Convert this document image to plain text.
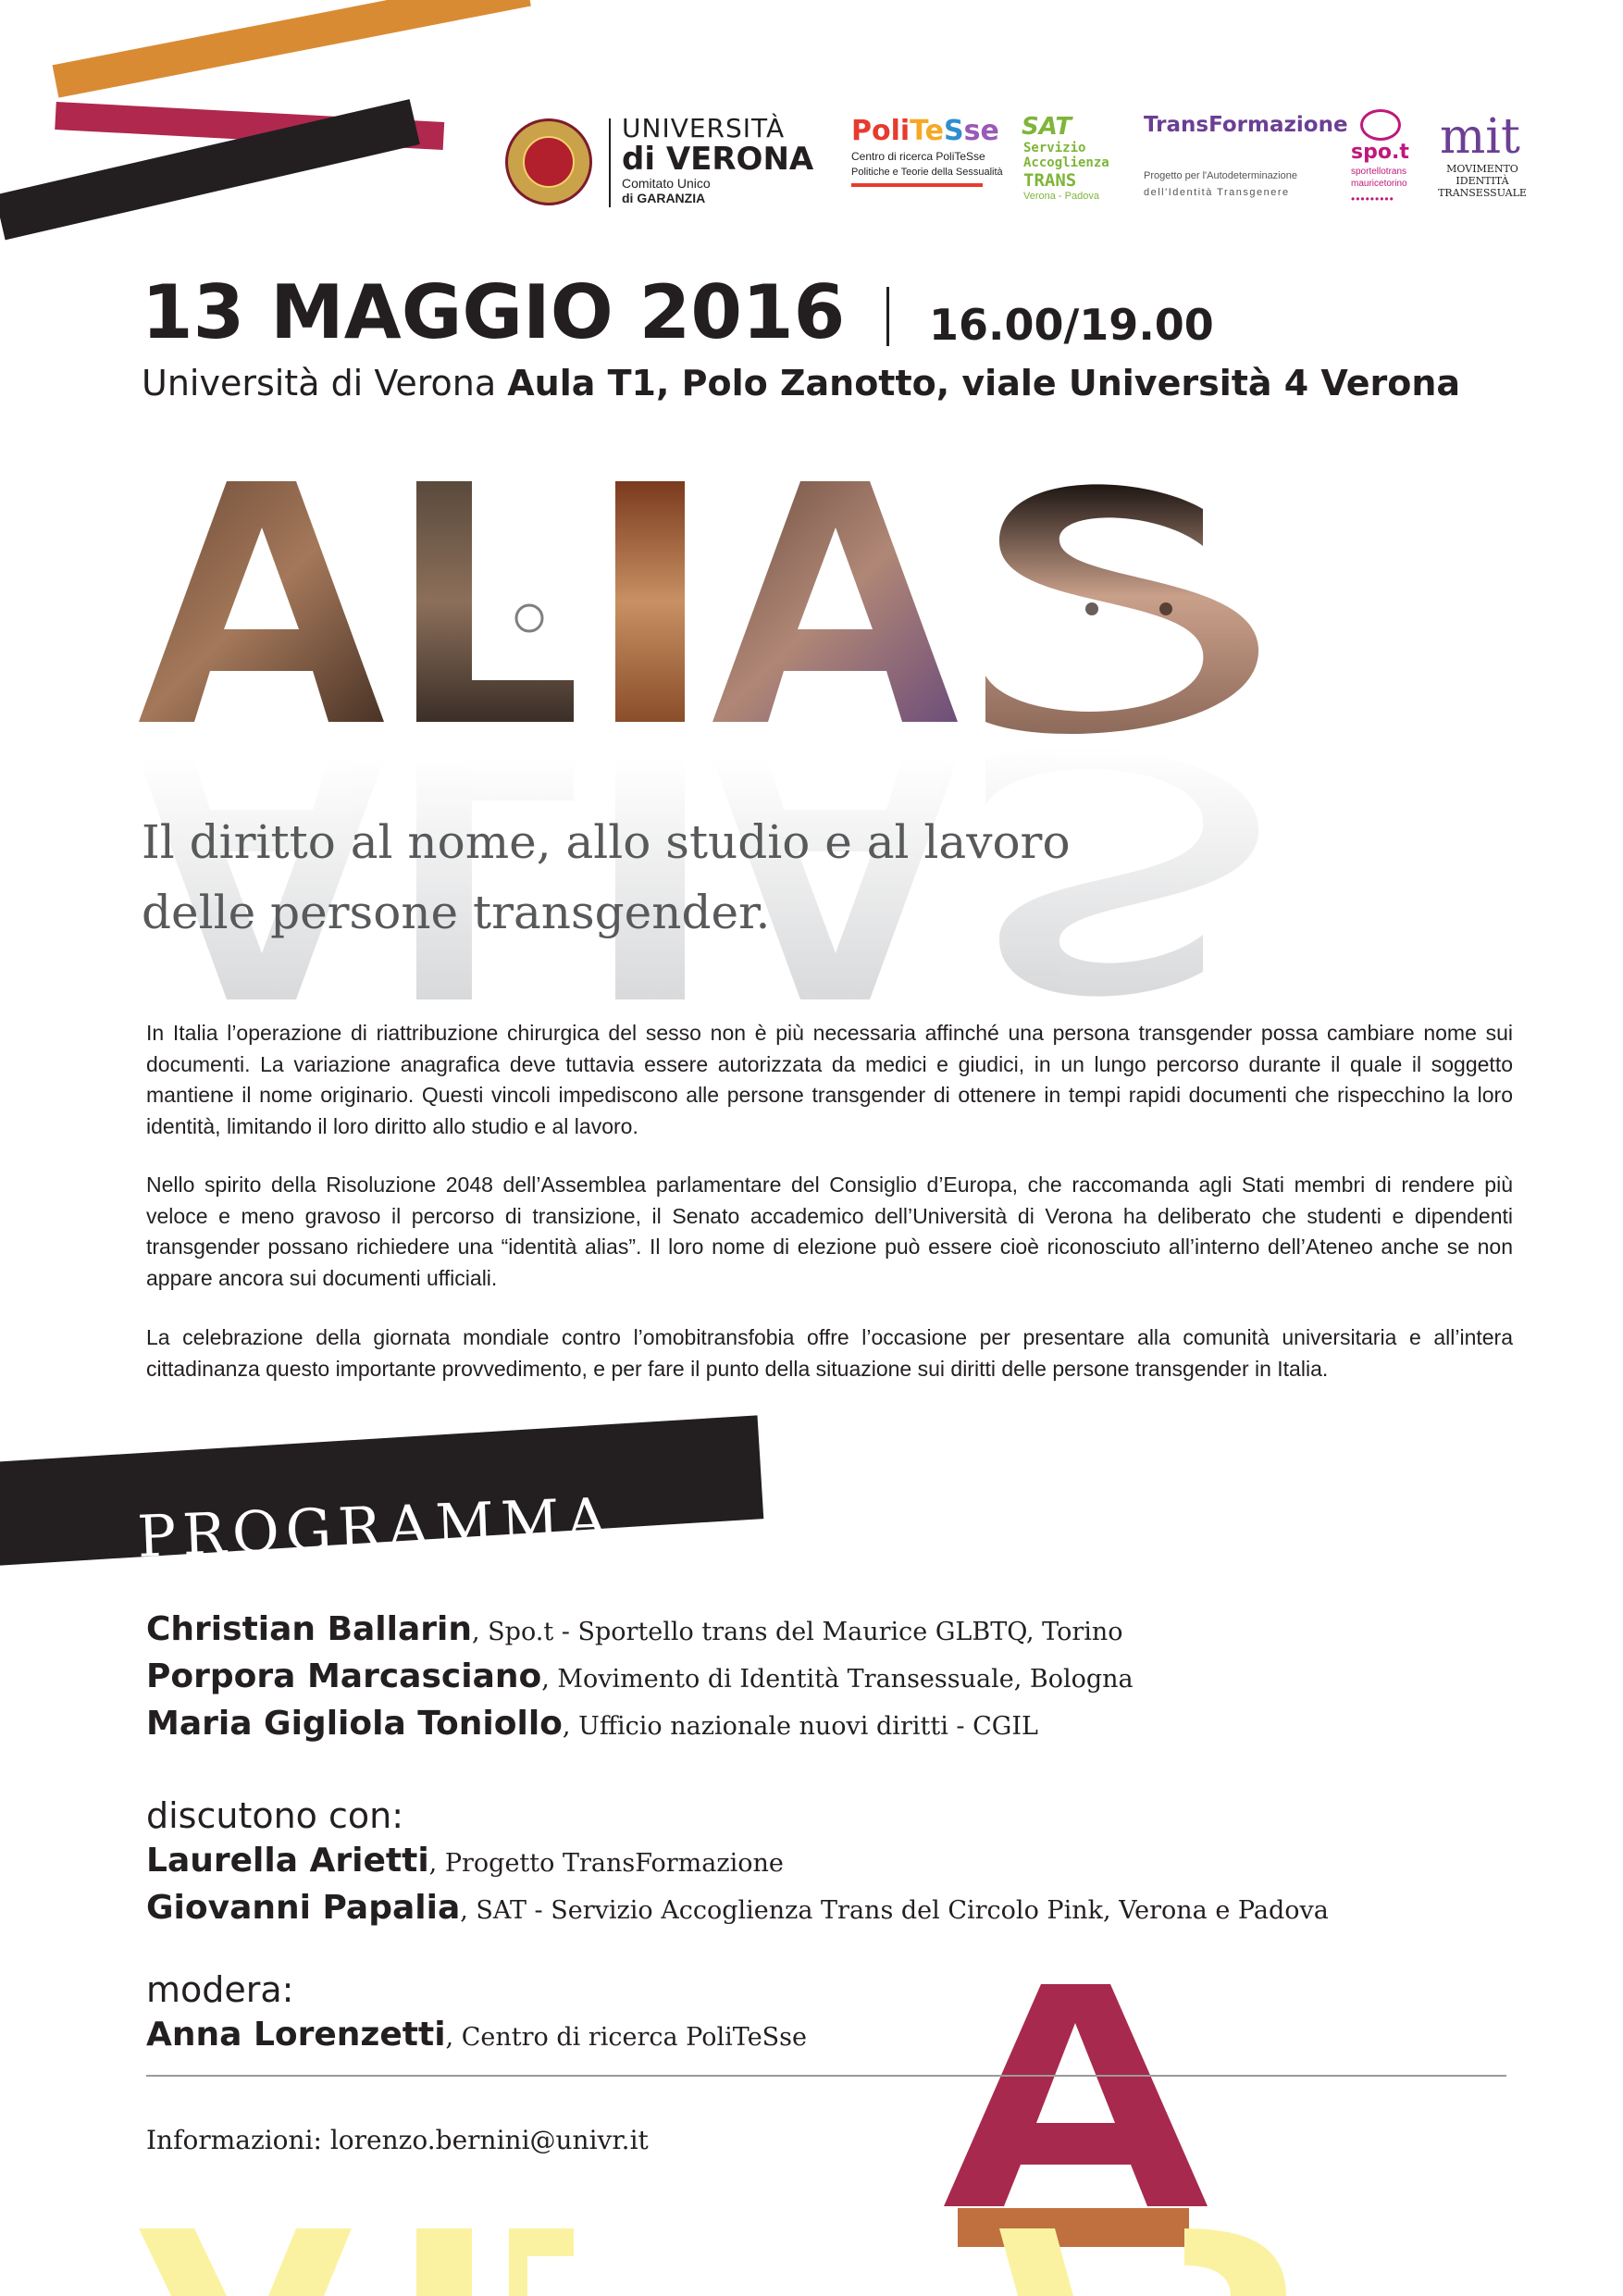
UNIVERSITÀ
di VERONA
Comitato Unico
di GARANZIA
PoliTeSse
Centro di ricerca PoliTeSse
Politiche e Teorie della Sessualità
SAT
Servizio
Accoglienza
TRANS
Verona - Padova
TransFormazione
Progetto per l'Autodeterminazione
dell'Identità Transgenere
spo.t
sportellotrans
mauricetorino
•••••••••
mit
MOVIMENTO
IDENTITÀ
TRANSESSUALE
13 MAGGIO 2016 16.00/19.00
Università di Verona Aula T1, Polo Zanotto, viale Università 4 Verona
Il diritto al nome, allo studio e al lavoro
delle persone transgender.
In Italia l’operazione di riattribuzione chirurgica del sesso non è più necessaria affinché una persona transgender possa cambiare nome sui documenti. La variazione anagrafica deve tuttavia essere autorizzata da medici e giudici, in un lungo percorso durante il quale il soggetto mantiene il nome originario. Questi vincoli impediscono alle persone transgender di ottenere in tempi rapidi documenti che rispecchino la loro identità, limitando il loro diritto allo studio e al lavoro.
Nello spirito della Risoluzione 2048 dell’Assemblea parlamentare del Consiglio d’Europa, che raccomanda agli Stati membri di rendere più veloce e meno gravoso il percorso di transizione, il Senato accademico dell’Università di Verona ha deliberato che studenti e dipendenti transgender possano richiedere una “identità alias”. Il loro nome di elezione può essere cioè riconosciuto all’interno dell’Ateneo anche se non appare ancora sui documenti ufficiali.
La celebrazione della giornata mondiale contro l’omobitransfobia offre l’occasione per presentare alla comunità universitaria e all’intera cittadinanza questo importante provvedimento, e per fare il punto della situazione sui diritti delle persone transgender in Italia.
PROGRAMMA
Christian Ballarin, Spo.t - Sportello trans del Maurice GLBTQ, Torino
Porpora Marcasciano, Movimento di Identità Transessuale, Bologna
Maria Gigliola Toniollo, Ufficio nazionale nuovi diritti - CGIL
discutono con:
Laurella Arietti, Progetto TransFormazione
Giovanni Papalia, SAT - Servizio Accoglienza Trans del Circolo Pink, Verona e Padova
modera:
Anna Lorenzetti, Centro di ricerca PoliTeSse
Informazioni: lorenzo.bernini@univr.it
